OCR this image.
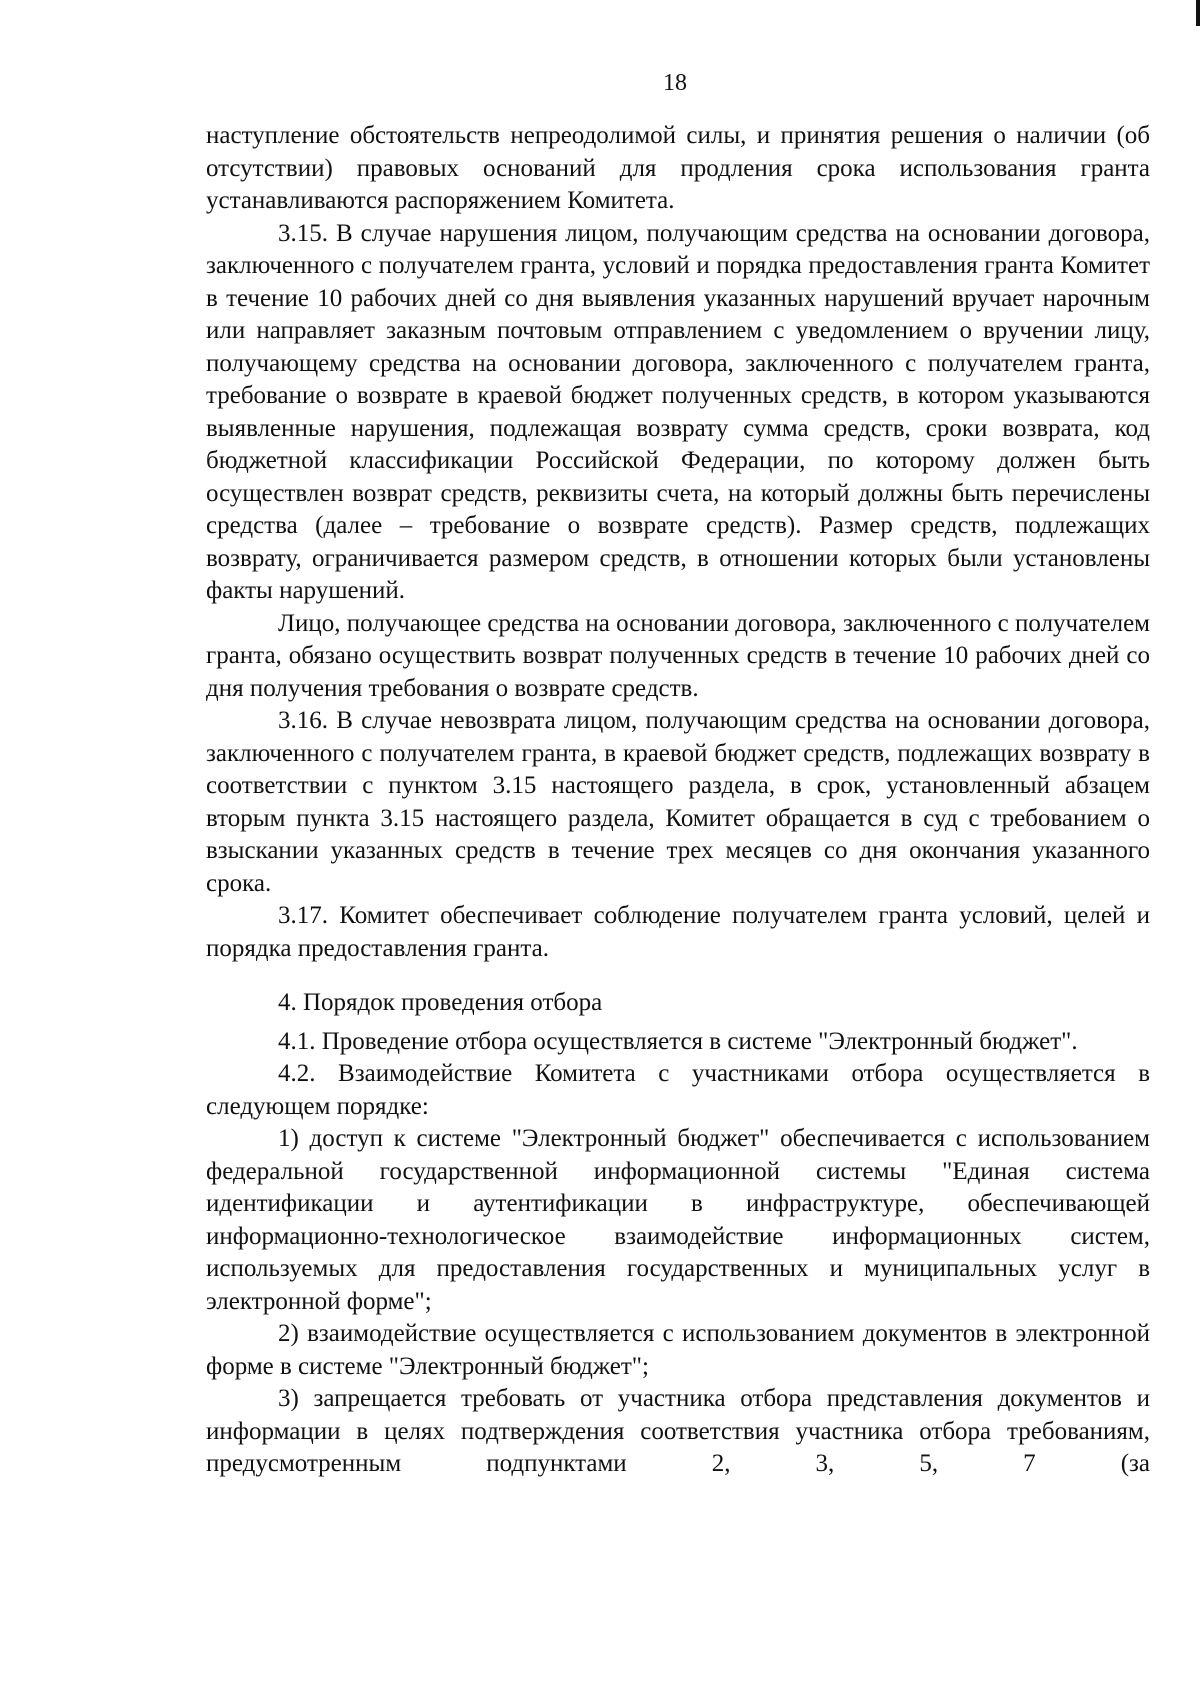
18

наступление обстоятельств непреодолимой силы, и принятия решения о наличии (об отсутствии) правовых оснований для продления срока использования гранта устанавливаются распоряжением Комитета.

3.15. В случае нарушения лицом, получающим средства на основании договора, заключенного с получателем гранта, условий и порядка предоставления гранта Комитет в течение 10 рабочих дней со дня выявления указанных нарушений вручает нарочным или направляет заказным почтовым отправлением с уведомлением о вручении лицу, получающему средства на основании договора, заключенного с получателем гранта, требование о возврате в краевой бюджет полученных средств, в котором указываются выявленные нарушения, подлежащая возврату сумма средств, сроки возврата, код бюджетной классификации Российской Федерации, по которому должен быть осуществлен возврат средств, реквизиты счета, на который должны быть перечислены средства (далее – требование о возврате средств). Размер средств, подлежащих возврату, ограничивается размером средств, в отношении которых были установлены факты нарушений.

Лицо, получающее средства на основании договора, заключенного с получателем гранта, обязано осуществить возврат полученных средств в течение 10 рабочих дней со дня получения требования о возврате средств.

3.16. В случае невозврата лицом, получающим средства на основании договора, заключенного с получателем гранта, в краевой бюджет средств, подлежащих возврату в соответствии с пунктом 3.15 настоящего раздела, в срок, установленный абзацем вторым пункта 3.15 настоящего раздела, Комитет обращается в суд с требованием о взыскании указанных средств в течение трех месяцев со дня окончания указанного срока.

3.17. Комитет обеспечивает соблюдение получателем гранта условий, целей и порядка предоставления гранта.

4. Порядок проведения отбора

4.1. Проведение отбора осуществляется в системе "Электронный бюджет".

4.2. Взаимодействие Комитета с участниками отбора осуществляется в следующем порядке:

1) доступ к системе "Электронный бюджет" обеспечивается с использованием федеральной государственной информационной системы "Единая система идентификации и аутентификации в инфраструктуре, обеспечивающей информационно-технологическое взаимодействие информационных систем, используемых для предоставления государственных и муниципальных услуг в электронной форме";

2) взаимодействие осуществляется с использованием документов в электронной форме в системе "Электронный бюджет";

3) запрещается требовать от участника отбора представления документов и информации в целях подтверждения соответствия участника отбора требованиям, предусмотренным подпунктами 2, 3, 5, 7 (за
